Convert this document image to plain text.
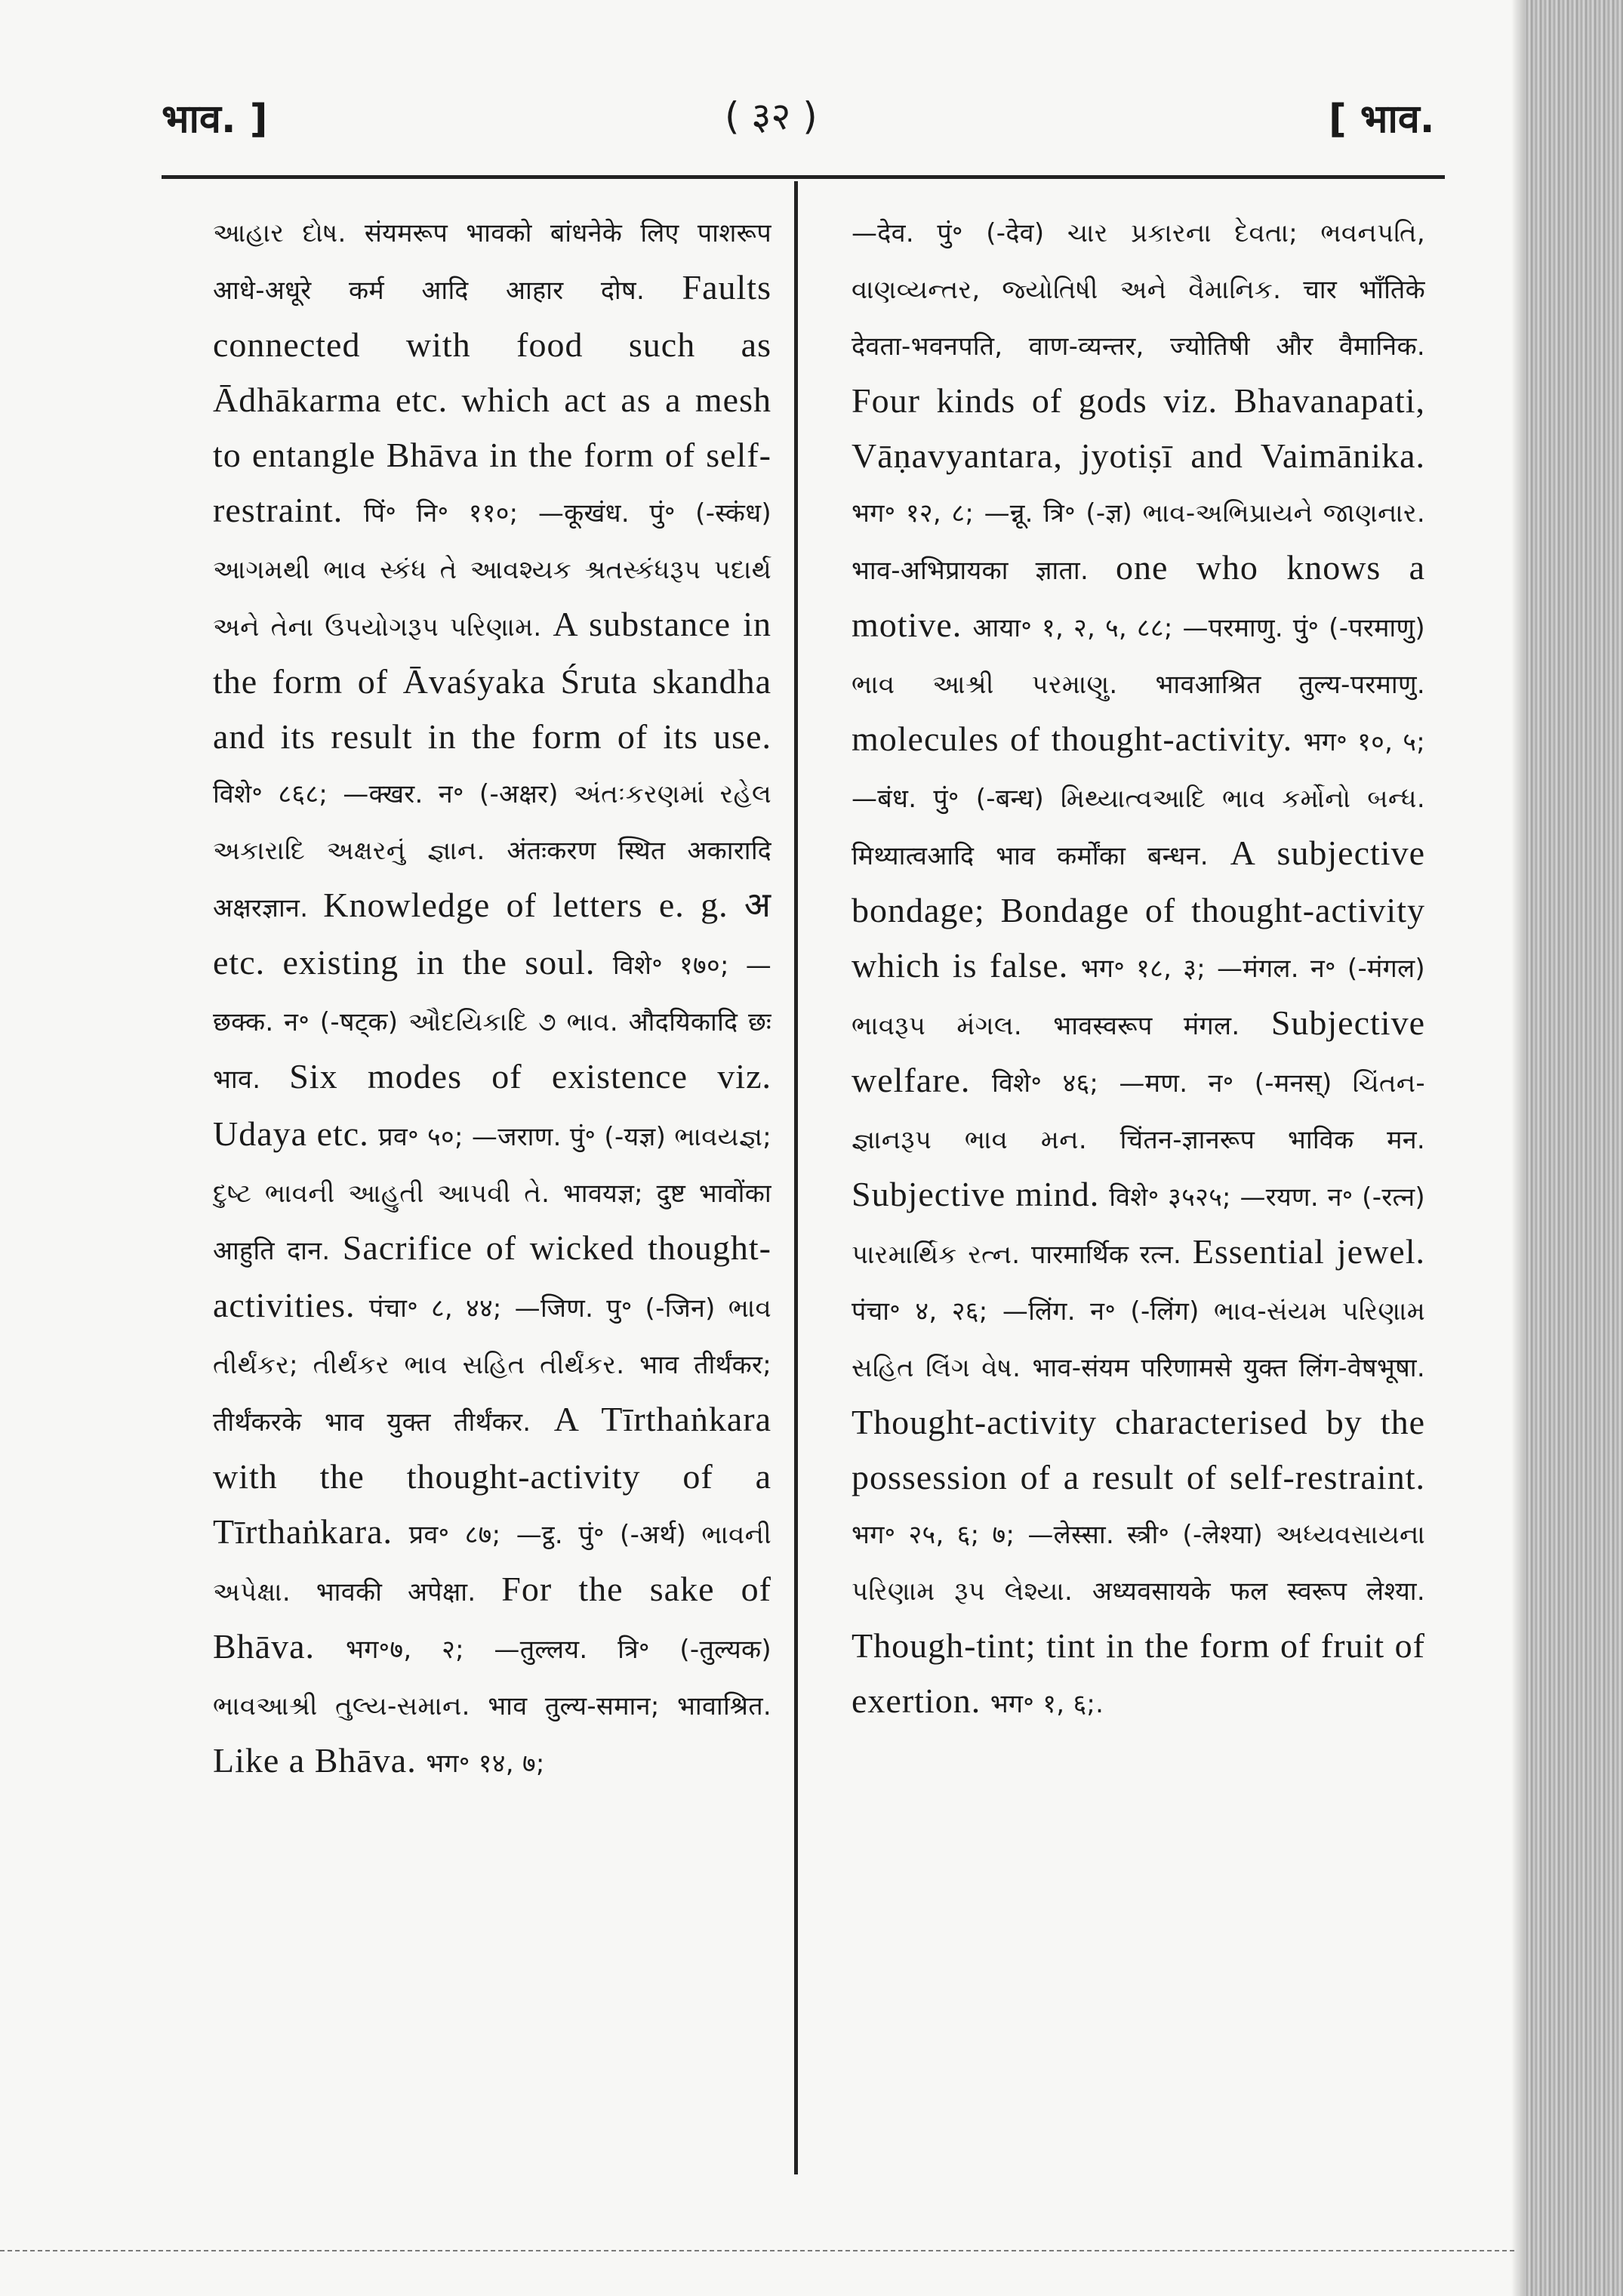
भाव. ]	( ३२ )	[ भाव.

આહાર દોષ. संयमरूप भावको बांधनेके लिए पाशरूप आधे-अधूरे कर्म आदि आहार दोष. Faults connected with food such as Ādhākarma etc. which act as a mesh to entangle Bhāva in the form of self-restraint. पिं॰ नि॰ ११०; —कूखंध. पुं॰ (-स्कंध) આગમથી ભાવ સ્કંધ તે આવશ્યક શ્રતસ્કંધરૂપ પદાર્થ અને તેના ઉપયોગરૂપ પરિણામ. A substance in the form of Āvaśyaka Śruta skandha and its result in the form of its use. विशे॰ ८६८; —क्खर. न॰ (-अक्षर) અંતઃકરણમાં રહેલ અકારાદિ અક્ષરનું જ્ઞાન. अंतःकरण स्थित अकारादि अक्षरज्ञान. Knowledge of letters e. g. अ etc. existing in the soul. विशे॰ १७०; —छक्क. न॰ (-षट्क) ઔદયિકાદિ ૭ ભાવ. औदयिकादि छः भाव. Six modes of existence viz. Udaya etc. प्रव॰ ५०; —जराण. पुं॰ (-यज्ञ) ભાવયજ્ઞ; દુષ્ટ ભાવની આહુતી આપવી તે. भावयज्ञ; दुष्ट भावोंका आहुति दान. Sacrifice of wicked thought-activities. पंचा॰ ८, ४४; —जिण. पु॰ (-जिन) ભાવ તીર્થંકર; તીર્થંકર ભાવ સહિત તીર્થંકર. भाव तीर्थंकर; तीर्थंकरके भाव युक्त तीर्थंकर. A Tīrthaṅkara with the thought-activity of a Tīrthaṅkara. प्रव॰ ८७; —ट्ठ. पुं॰ (-अर्थ) ભાવની અપેક્ષા. भावकी अपेक्षा. For the sake of Bhāva. भग॰७, २; —तुल्लय. त्रि॰ (-तुल्यक) ભાવઆશ્રી તુલ્ય-સમાન. भाव तुल्य-समान; भावाश्रित. Like a Bhāva. भग॰ १४, ७;

—देव. पुं॰ (-देव) ચાર પ્રકારના દેવતા; ભવનપતિ, વાણવ્યન્તર, જ્યોતિષી અને વૈમાનિક. चार भाँतिके देवता-भवनपति, वाण-व्यन्तर, ज्योतिषी और वैमानिक. Four kinds of gods viz. Bhavanapati, Vāṇavyantara, jyotiṣī and Vaimānika. भग॰ १२, ८; —न्नू. त्रि॰ (-ज्ञ) ભાવ-અભિપ્રાયને જાણનાર. भाव-अभिप्रायका ज्ञाता. one who knows a motive. आया॰ १, २, ५, ८८; —परमाणु. पुं॰ (-परमाणु) ભાવ આશ્રી પરમાણુ. भावआश्रित तुल्य-परमाणु. molecules of thought-activity. भग॰ १०, ५; —बंध. पुं॰ (-बन्ध) મિથ્યાત્વઆદિ ભાવ કર્મોનો બન્ધ. मिथ्यात्वआदि भाव कर्मोंका बन्धन. A subjective bondage; Bondage of thought-activity which is false. भग॰ १८, ३; —मंगल. न॰ (-मंगल) ભાવરૂપ મંગલ. भावस्वरूप मंगल. Subjective welfare. विशे॰ ४६; —मण. न॰ (-मनस्) ચિંતન-જ્ઞાનરૂપ ભાવ મન. चिंतन-ज्ञानरूप भाविक मन. Subjective mind. विशे॰ ३५२५; —रयण. न॰ (-रत्न) પારમાર્થિક રત્ન. पारमार्थिक रत्न. Essential jewel. पंचा॰ ४, २६; —लिंग. न॰ (-लिंग) ભાવ-સંયમ પરિણામ સહિત લિંગ વેષ. भाव-संयम परिणामसे युक्त लिंग-वेषभूषा. Thought-activity characterised by the possession of a result of self-restraint. भग॰ २५, ६; ७; —लेस्सा. स्त्री॰ (-लेश्या) અધ્યવસાયના પરિણામ રૂપ લેશ્યા. अध्यवसायके फल स्वरूप लेश्या. Though-tint; tint in the form of fruit of exertion. भग॰ १, ६;.
